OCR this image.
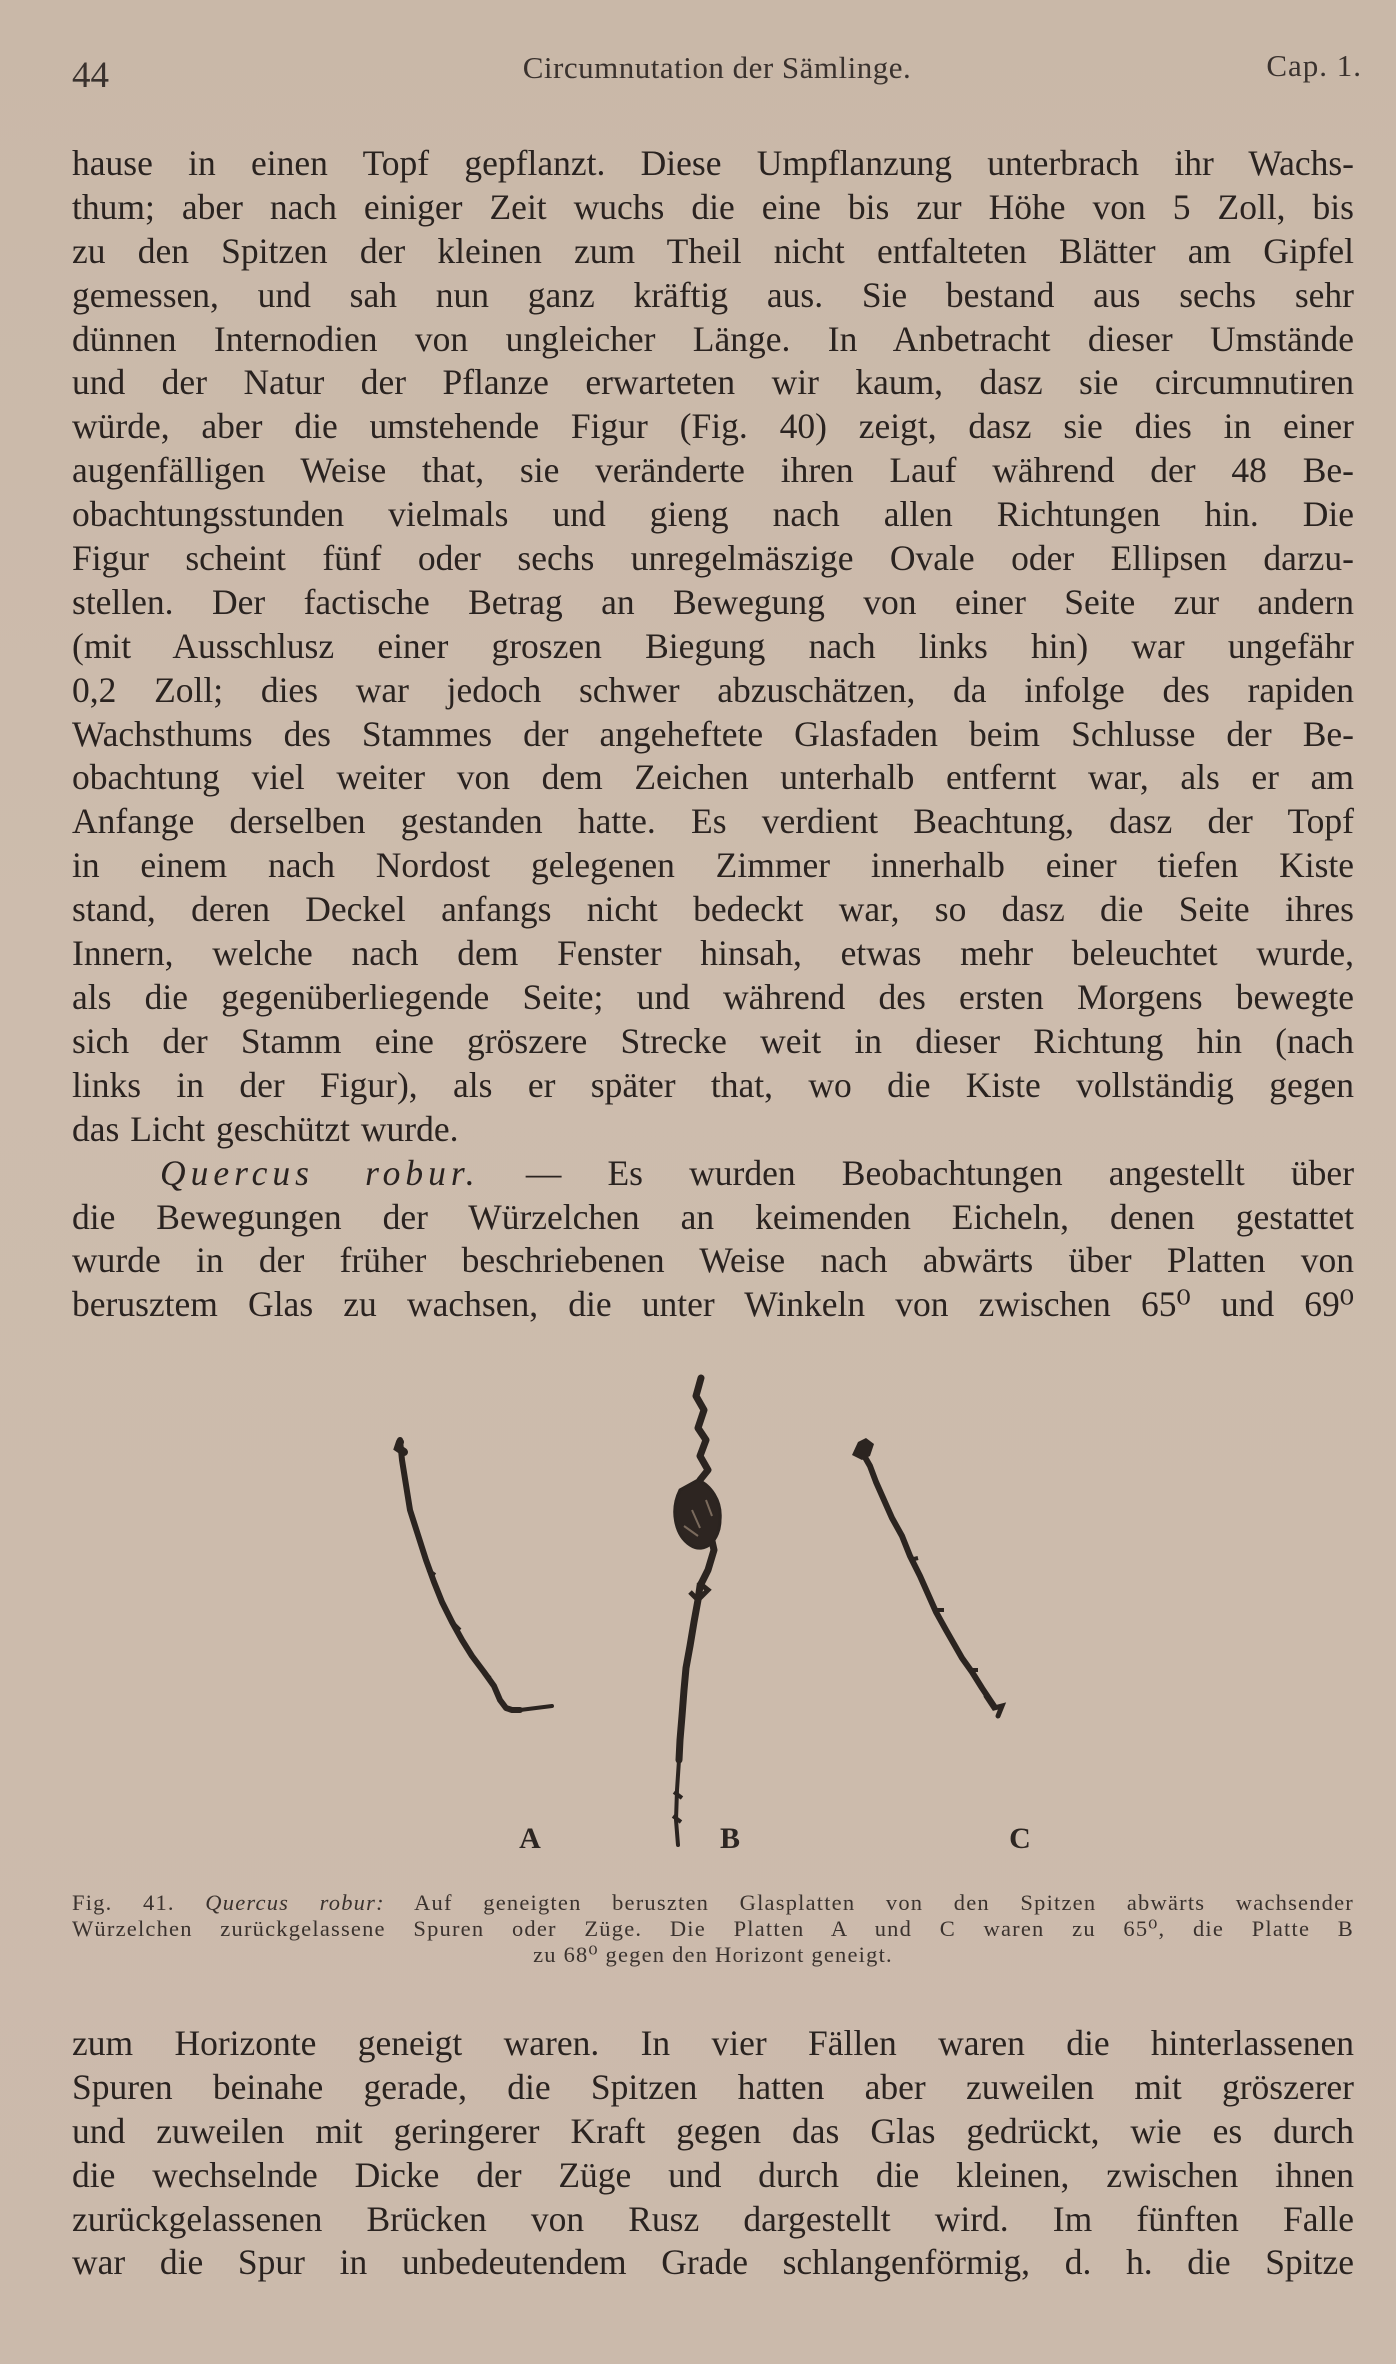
44	Circumnutation der Sämlinge.	Cap. 1.
hause in einen Topf gepflanzt. Diese Umpflanzung unterbrach ihr Wachs-
thum; aber nach einiger Zeit wuchs die eine bis zur Höhe von 5 Zoll, bis
zu den Spitzen der kleinen zum Theil nicht entfalteten Blätter am Gipfel
gemessen, und sah nun ganz kräftig aus. Sie bestand aus sechs sehr
dünnen Internodien von ungleicher Länge. In Anbetracht dieser Umstände
und der Natur der Pflanze erwarteten wir kaum, dasz sie circumnutiren
würde, aber die umstehende Figur (Fig. 40) zeigt, dasz sie dies in einer
augenfälligen Weise that, sie veränderte ihren Lauf während der 48 Be-
obachtungsstunden vielmals und gieng nach allen Richtungen hin. Die
Figur scheint fünf oder sechs unregelmäszige Ovale oder Ellipsen darzu-
stellen. Der factische Betrag an Bewegung von einer Seite zur andern
(mit Ausschlusz einer groszen Biegung nach links hin) war ungefähr
0,2 Zoll; dies war jedoch schwer abzuschätzen, da infolge des rapiden
Wachsthums des Stammes der angeheftete Glasfaden beim Schlusse der Be-
obachtung viel weiter von dem Zeichen unterhalb entfernt war, als er am
Anfange derselben gestanden hatte. Es verdient Beachtung, dasz der Topf
in einem nach Nordost gelegenen Zimmer innerhalb einer tiefen Kiste
stand, deren Deckel anfangs nicht bedeckt war, so dasz die Seite ihres
Innern, welche nach dem Fenster hinsah, etwas mehr beleuchtet wurde,
als die gegenüberliegende Seite; und während des ersten Morgens bewegte
sich der Stamm eine gröszere Strecke weit in dieser Richtung hin (nach
links in der Figur), als er später that, wo die Kiste vollständig gegen
das Licht geschützt wurde.
Quercus robur. — Es wurden Beobachtungen angestellt über
die Bewegungen der Würzelchen an keimenden Eicheln, denen gestattet
wurde in der früher beschriebenen Weise nach abwärts über Platten von
berusztem Glas zu wachsen, die unter Winkeln von zwischen 65⁰ und 69⁰
A	B	C
Fig. 41. Quercus robur: Auf geneigten beruszten Glasplatten von den Spitzen abwärts wachsender
Würzelchen zurückgelassene Spuren oder Züge. Die Platten A und C waren zu 65⁰, die Platte B
zu 68⁰ gegen den Horizont geneigt.
zum Horizonte geneigt waren. In vier Fällen waren die hinterlassenen
Spuren beinahe gerade, die Spitzen hatten aber zuweilen mit gröszerer
und zuweilen mit geringerer Kraft gegen das Glas gedrückt, wie es durch
die wechselnde Dicke der Züge und durch die kleinen, zwischen ihnen
zurückgelassenen Brücken von Rusz dargestellt wird. Im fünften Falle
war die Spur in unbedeutendem Grade schlangenförmig, d. h. die Spitze
